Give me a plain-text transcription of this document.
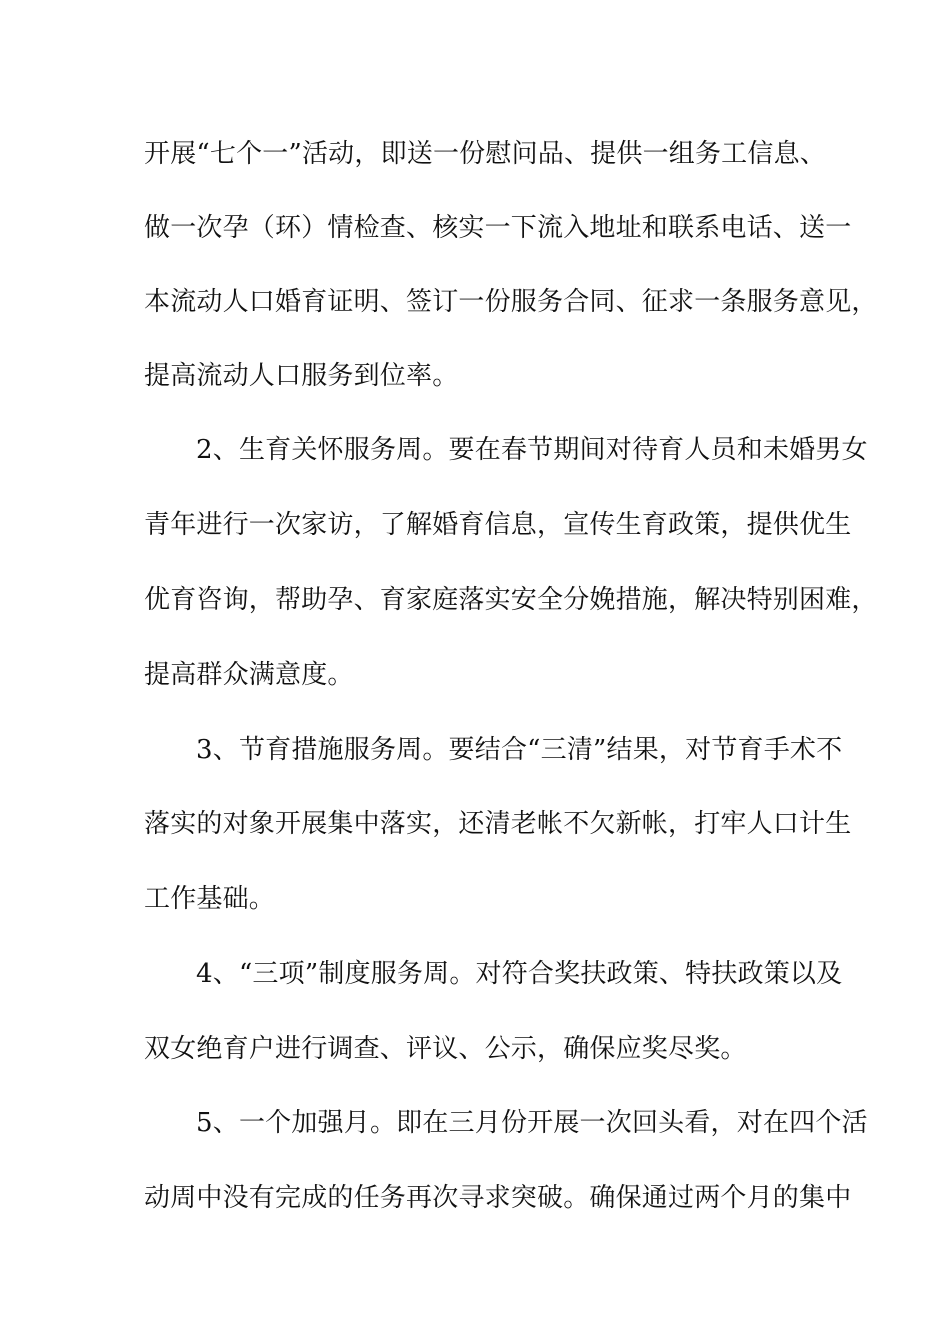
开展“七个一”活动，即送一份慰问品、提供一组务工信息、
做一次孕（环）情检查、核实一下流入地址和联系电话、送一
本流动人口婚育证明、签订一份服务合同、征求一条服务意见，
提高流动人口服务到位率。
2、生育关怀服务周。要在春节期间对待育人员和未婚男女
青年进行一次家访，了解婚育信息，宣传生育政策，提供优生
优育咨询，帮助孕、育家庭落实安全分娩措施，解决特别困难，
提高群众满意度。
3、节育措施服务周。要结合“三清”结果，对节育手术不
落实的对象开展集中落实，还清老帐不欠新帐，打牢人口计生
工作基础。
4、“三项”制度服务周。对符合奖扶政策、特扶政策以及
双女绝育户进行调查、评议、公示，确保应奖尽奖。
5、一个加强月。即在三月份开展一次回头看，对在四个活
动周中没有完成的任务再次寻求突破。确保通过两个月的集中
